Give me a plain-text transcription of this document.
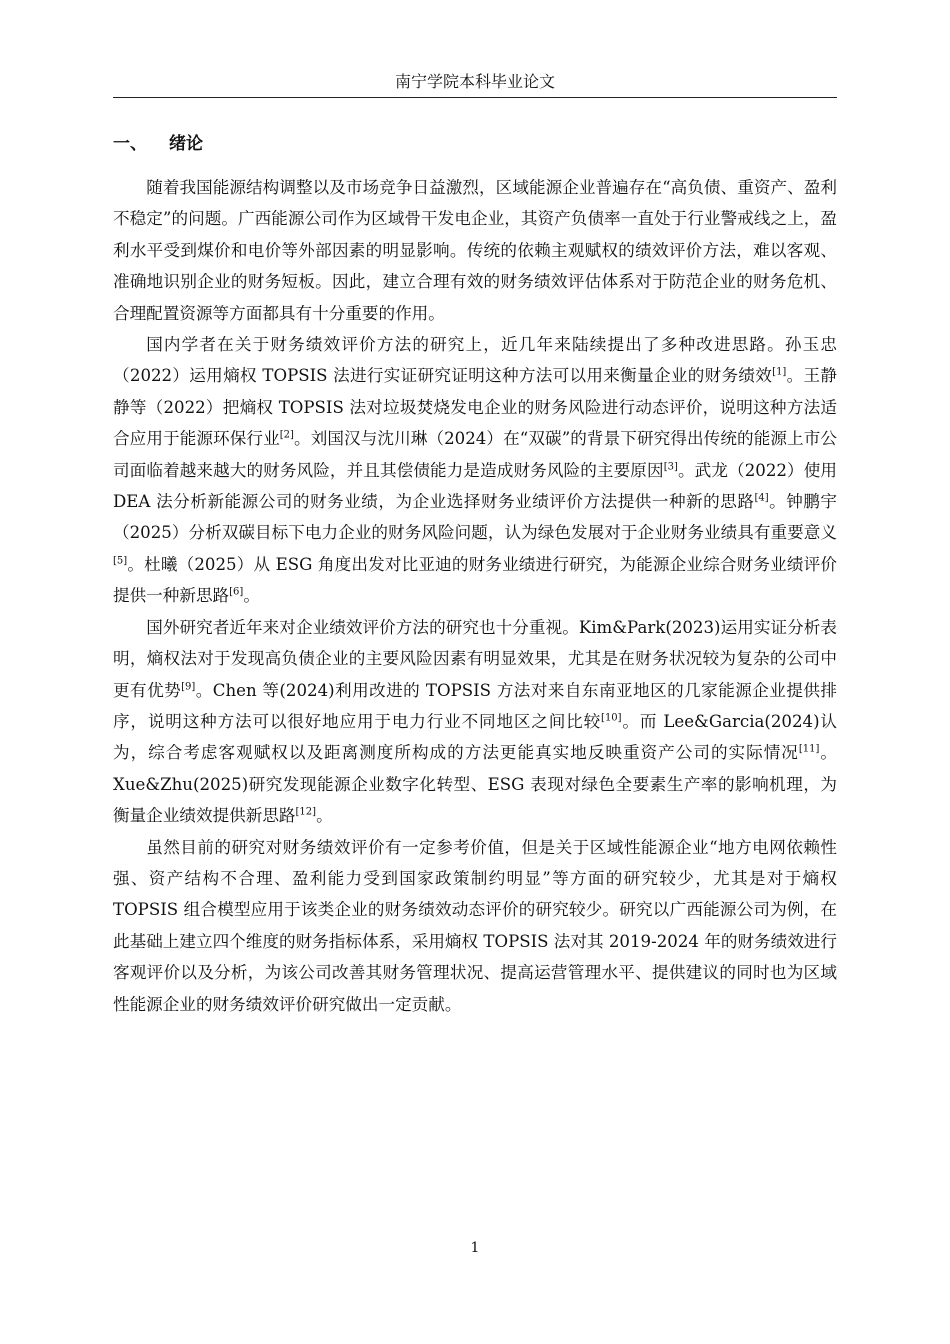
南宁学院本科毕业论文
一、 绪论

随着我国能源结构调整以及市场竞争日益激烈，区域能源企业普遍存在“高负债、重资产、盈利不稳定”的问题。广西能源公司作为区域骨干发电企业，其资产负债率一直处于行业警戒线之上，盈利水平受到煤价和电价等外部因素的明显影响。传统的依赖主观赋权的绩效评价方法，难以客观、准确地识别企业的财务短板。因此，建立合理有效的财务绩效评估体系对于防范企业的财务危机、合理配置资源等方面都具有十分重要的作用。

国内学者在关于财务绩效评价方法的研究上，近几年来陆续提出了多种改进思路。孙玉忠（2022）运用熵权 TOPSIS 法进行实证研究证明这种方法可以用来衡量企业的财务绩效[1]。王静静等（2022）把熵权 TOPSIS 法对垃圾焚烧发电企业的财务风险进行动态评价，说明这种方法适合应用于能源环保行业[2]。刘国汉与沈川琳（2024）在“双碳”的背景下研究得出传统的能源上市公司面临着越来越大的财务风险，并且其偿债能力是造成财务风险的主要原因[3]。武龙（2022）使用 DEA 法分析新能源公司的财务业绩，为企业选择财务业绩评价方法提供一种新的思路[4]。钟鹏宇（2025）分析双碳目标下电力企业的财务风险问题，认为绿色发展对于企业财务业绩具有重要意义[5]。杜曦（2025）从 ESG 角度出发对比亚迪的财务业绩进行研究，为能源企业综合财务业绩评价提供一种新思路[6]。

国外研究者近年来对企业绩效评价方法的研究也十分重视。Kim&Park(2023)运用实证分析表明，熵权法对于发现高负债企业的主要风险因素有明显效果，尤其是在财务状况较为复杂的公司中更有优势[9]。Chen 等(2024)利用改进的 TOPSIS 方法对来自东南亚地区的几家能源企业提供排序，说明这种方法可以很好地应用于电力行业不同地区之间比较[10]。而 Lee&Garcia(2024)认为，综合考虑客观赋权以及距离测度所构成的方法更能真实地反映重资产公司的实际情况[11]。Xue&Zhu(2025)研究发现能源企业数字化转型、ESG 表现对绿色全要素生产率的影响机理，为衡量企业绩效提供新思路[12]。

虽然目前的研究对财务绩效评价有一定参考价值，但是关于区域性能源企业“地方电网依赖性强、资产结构不合理、盈利能力受到国家政策制约明显”等方面的研究较少，尤其是对于熵权 TOPSIS 组合模型应用于该类企业的财务绩效动态评价的研究较少。研究以广西能源公司为例，在此基础上建立四个维度的财务指标体系，采用熵权 TOPSIS 法对其 2019-2024 年的财务绩效进行客观评价以及分析，为该公司改善其财务管理状况、提高运营管理水平、提供建议的同时也为区域性能源企业的财务绩效评价研究做出一定贡献。

1
